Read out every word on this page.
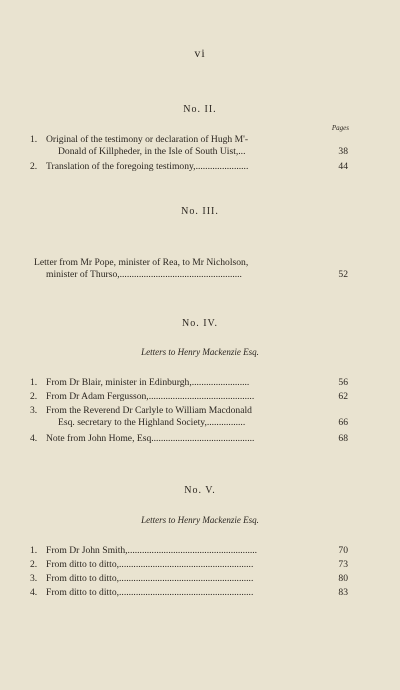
vi
No. II.
Pages
1. Original of the testimony or declaration of Hugh M'-
Donald of Killpheder, in the Isle of South Uist,...	38
2. Translation of the foregoing testimony,......................	44
No. III.
Letter from Mr Pope, minister of Rea, to Mr Nicholson,
minister of Thurso,...................................................	52
No. IV.
Letters to Henry Mackenzie Esq.
1. From Dr Blair, minister in Edinburgh,........................	56
2. From Dr Adam Fergusson,............................................	62
3. From the Reverend Dr Carlyle to William Macdonald
Esq. secretary to the Highland Society,................	66
4. Note from John Home, Esq...........................................	68
No. V.
Letters to Henry Mackenzie Esq.
1. From Dr John Smith,......................................................	70
2. From ditto to ditto,........................................................	73
3. From ditto to ditto,........................................................	80
4. From ditto to ditto,........................................................	83
